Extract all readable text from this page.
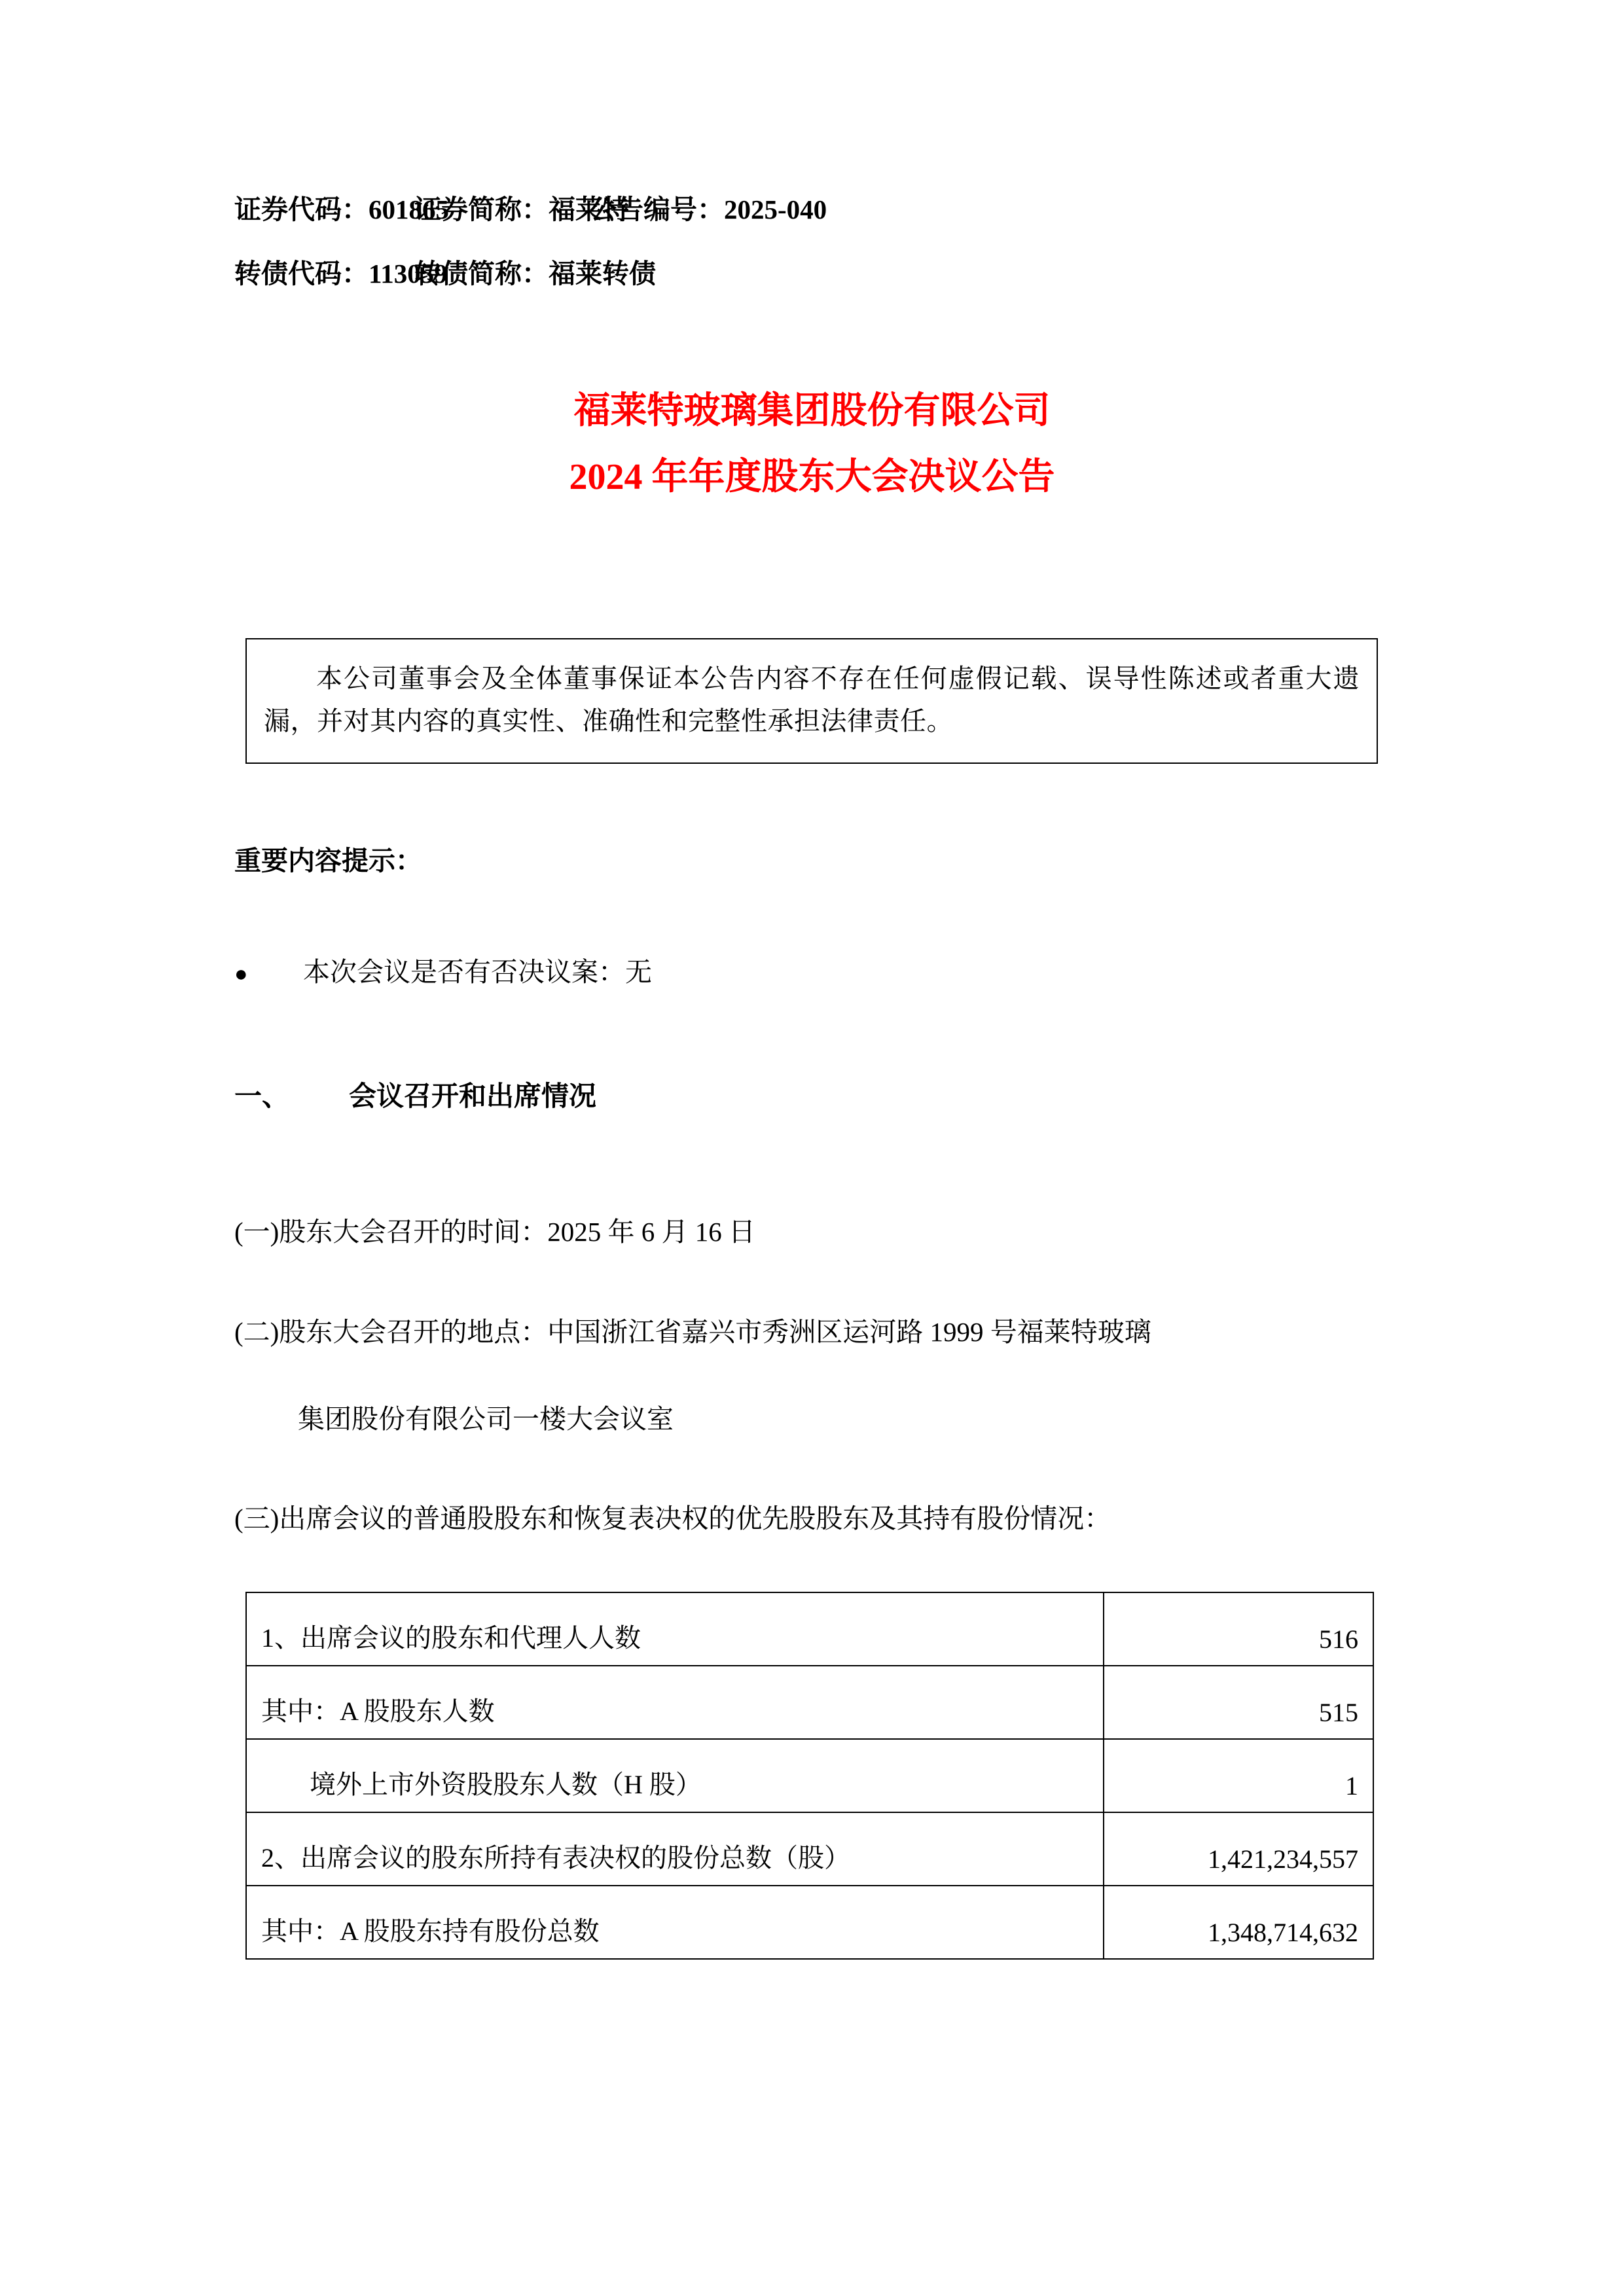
证券代码：601865
证券简称：福莱特
公告编号：2025-040
转债代码：113059
转债简称：福莱转债
福莱特玻璃集团股份有限公司
2024 年年度股东大会决议公告
本公司董事会及全体董事保证本公告内容不存在任何虚假记载、误导性陈述或者重大遗漏，并对其内容的真实性、准确性和完整性承担法律责任。
重要内容提示：
●	本次会议是否有否决议案：无
一、	会议召开和出席情况
(一)股东大会召开的时间：2025 年 6 月 16 日
(二)股东大会召开的地点：中国浙江省嘉兴市秀洲区运河路 1999 号福莱特玻璃
集团股份有限公司一楼大会议室
(三)出席会议的普通股股东和恢复表决权的优先股股东及其持有股份情况：
1、出席会议的股东和代理人人数	516
其中：A 股股东人数	515
境外上市外资股股东人数（H 股）	1
2、出席会议的股东所持有表决权的股份总数（股）	1,421,234,557
其中：A 股股东持有股份总数	1,348,714,632
